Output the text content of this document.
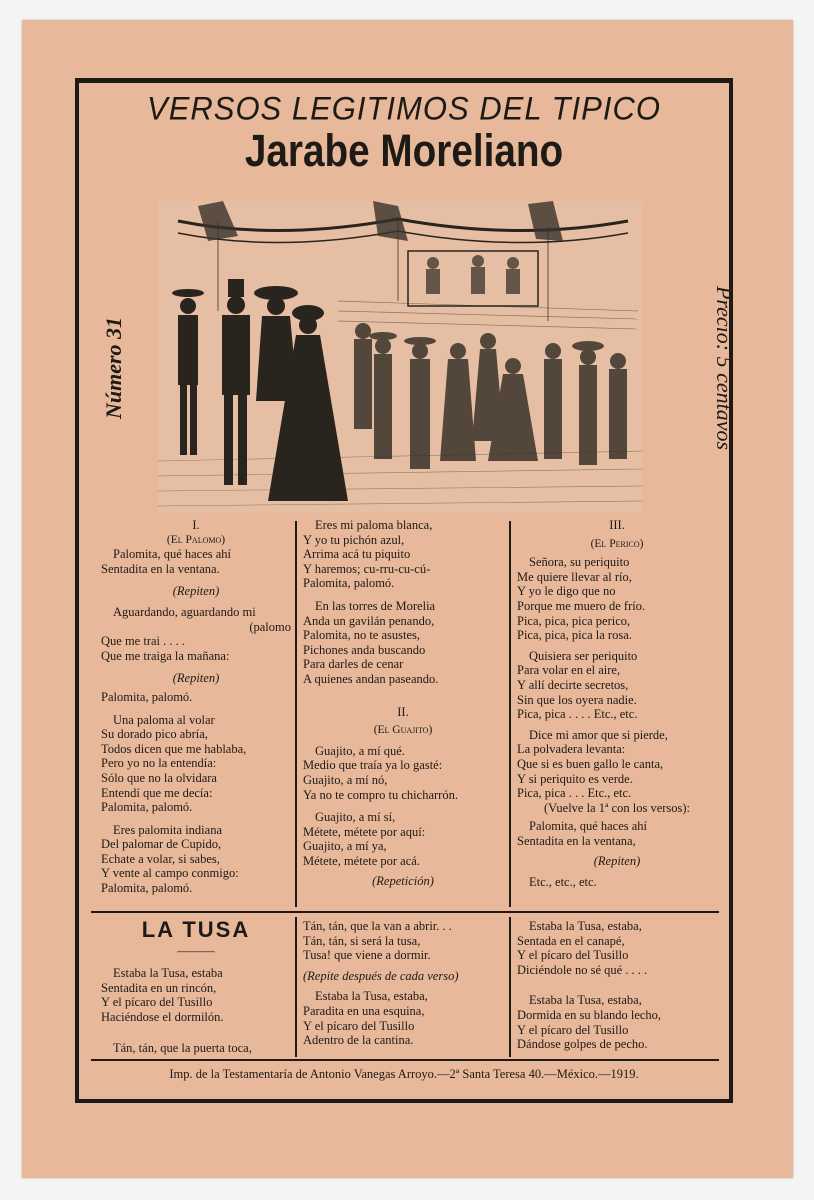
VERSOS LEGITIMOS DEL TIPICO
Jarabe Moreliano
Número 31	Precio: 5 centavos

I.

(El Palomo)

Palomita, qué haces ahí

Sentadita en la ventana.

(Repiten)

Aguardando, aguardando mi

(palomo

Que me trai . . . .

Que me traiga la mañana:

(Repiten)

Palomita, palomó.

Una paloma al volar

Su dorado pico abría,

Todos dicen que me hablaba,

Pero yo no la entendía:

Sólo que no la olvidara

Entendí que me decía:

Palomita, palomó.

Eres palomita indiana

Del palomar de Cupido,

Echate a volar, si sabes,

Y vente al campo conmigo:

Palomita, palomó.

Eres mi paloma blanca,

Y yo tu pichón azul,

Arrima acá tu piquito

Y haremos; cu-rru-cu-cú-

Palomita, palomó.

En las torres de Morelia

Anda un gavilán penando,

Palomita, no te asustes,

Pichones anda buscando

Para darles de cenar

A quienes andan paseando.

II.

(El Guajito)

Guajito, a mí qué.

Medio que traía ya lo gasté:

Guajito, a mí nó,

Ya no te compro tu chicharrón.

Guajito, a mí sí,

Métete, métete por aquí:

Guajito, a mí ya,

Métete, métete por acá.

(Repetición)

III.

(El Perico)

Señora, su periquito

Me quiere llevar al río,

Y yo le digo que no

Porque me muero de frío.

Pica, pica, pica perico,

Pica, pica, pica la rosa.

Quisiera ser periquito

Para volar en el aire,

Y allí decirte secretos,

Sin que los oyera nadie.

Pica, pica . . . . Etc., etc.

Dice mi amor que si pierde,

La polvadera levanta:

Que si es buen gallo le canta,

Y si periquito es verde.

Pica, pica . . . Etc., etc.

(Vuelve la 1ª con los versos):

Palomita, qué haces ahí

Sentadita en la ventana,

(Repiten)

Etc., etc., etc.

LA TUSA
———

Estaba la Tusa, estaba

Sentadita en un rincón,

Y el pícaro del Tusillo

Haciéndose el dormilón.

Tán, tán, que la puerta toca,

Tán, tán, que la van a abrir. . .

Tán, tán, si será la tusa,

Tusa! que viene a dormir.

(Repite después de cada verso)

Estaba la Tusa, estaba,

Paradita en una esquina,

Y el pícaro del Tusillo

Adentro de la cantina.

Estaba la Tusa, estaba,

Sentada en el canapé,

Y el pícaro del Tusillo

Diciéndole no sé qué . . . .

Estaba la Tusa, estaba,

Dormida en su blando lecho,

Y el pícaro del Tusillo

Dándose golpes de pecho.

Imp. de la Testamentaría de Antonio Vanegas Arroyo.—2ª Santa Teresa 40.—México.—1919.
